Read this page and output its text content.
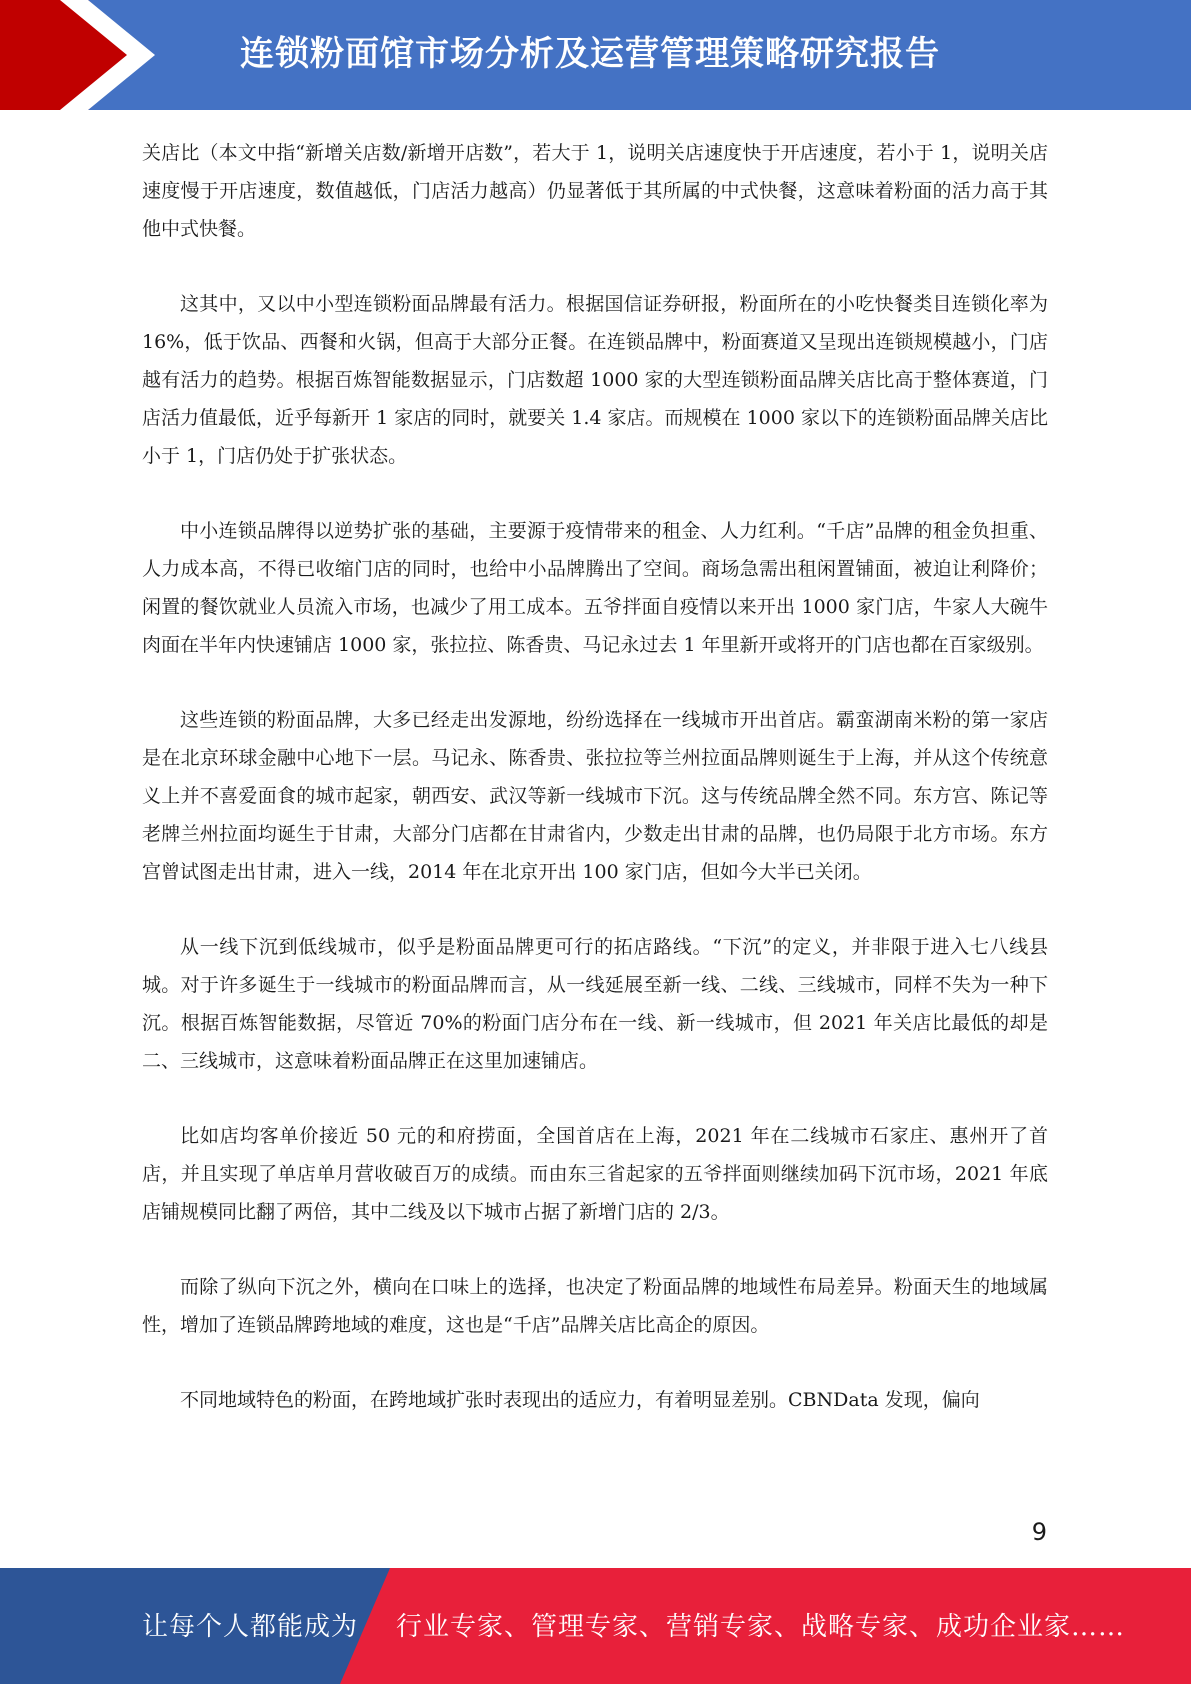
连锁粉面馆市场分析及运营管理策略研究报告

关店比（本文中指“新增关店数/新增开店数”，若大于 1，说明关店速度快于开店速度，若小于 1，说明关店速度慢于开店速度，数值越低，门店活力越高）仍显著低于其所属的中式快餐，这意味着粉面的活力高于其他中式快餐。

这其中，又以中小型连锁粉面品牌最有活力。根据国信证券研报，粉面所在的小吃快餐类目连锁化率为 16%，低于饮品、西餐和火锅，但高于大部分正餐。在连锁品牌中，粉面赛道又呈现出连锁规模越小，门店越有活力的趋势。根据百炼智能数据显示，门店数超 1000 家的大型连锁粉面品牌关店比高于整体赛道，门店活力值最低，近乎每新开 1 家店的同时，就要关 1.4 家店。而规模在 1000 家以下的连锁粉面品牌关店比小于 1，门店仍处于扩张状态。

中小连锁品牌得以逆势扩张的基础，主要源于疫情带来的租金、人力红利。“千店”品牌的租金负担重、人力成本高，不得已收缩门店的同时，也给中小品牌腾出了空间。商场急需出租闲置铺面，被迫让利降价；闲置的餐饮就业人员流入市场，也减少了用工成本。五爷拌面自疫情以来开出 1000 家门店，牛家人大碗牛肉面在半年内快速铺店 1000 家，张拉拉、陈香贵、马记永过去 1 年里新开或将开的门店也都在百家级别。

这些连锁的粉面品牌，大多已经走出发源地，纷纷选择在一线城市开出首店。霸蛮湖南米粉的第一家店是在北京环球金融中心地下一层。马记永、陈香贵、张拉拉等兰州拉面品牌则诞生于上海，并从这个传统意义上并不喜爱面食的城市起家，朝西安、武汉等新一线城市下沉。这与传统品牌全然不同。东方宫、陈记等老牌兰州拉面均诞生于甘肃，大部分门店都在甘肃省内，少数走出甘肃的品牌，也仍局限于北方市场。东方宫曾试图走出甘肃，进入一线，2014 年在北京开出 100 家门店，但如今大半已关闭。

从一线下沉到低线城市，似乎是粉面品牌更可行的拓店路线。“下沉”的定义，并非限于进入七八线县城。对于许多诞生于一线城市的粉面品牌而言，从一线延展至新一线、二线、三线城市，同样不失为一种下沉。根据百炼智能数据，尽管近 70%的粉面门店分布在一线、新一线城市，但 2021 年关店比最低的却是二、三线城市，这意味着粉面品牌正在这里加速铺店。

比如店均客单价接近 50 元的和府捞面，全国首店在上海，2021 年在二线城市石家庄、惠州开了首店，并且实现了单店单月营收破百万的成绩。而由东三省起家的五爷拌面则继续加码下沉市场，2021 年底店铺规模同比翻了两倍，其中二线及以下城市占据了新增门店的 2/3。

而除了纵向下沉之外，横向在口味上的选择，也决定了粉面品牌的地域性布局差异。粉面天生的地域属性，增加了连锁品牌跨地域的难度，这也是“千店”品牌关店比高企的原因。

不同地域特色的粉面，在跨地域扩张时表现出的适应力，有着明显差别。CBNData 发现，偏向

9
让每个人都能成为 行业专家、管理专家、营销专家、战略专家、成功企业家……
